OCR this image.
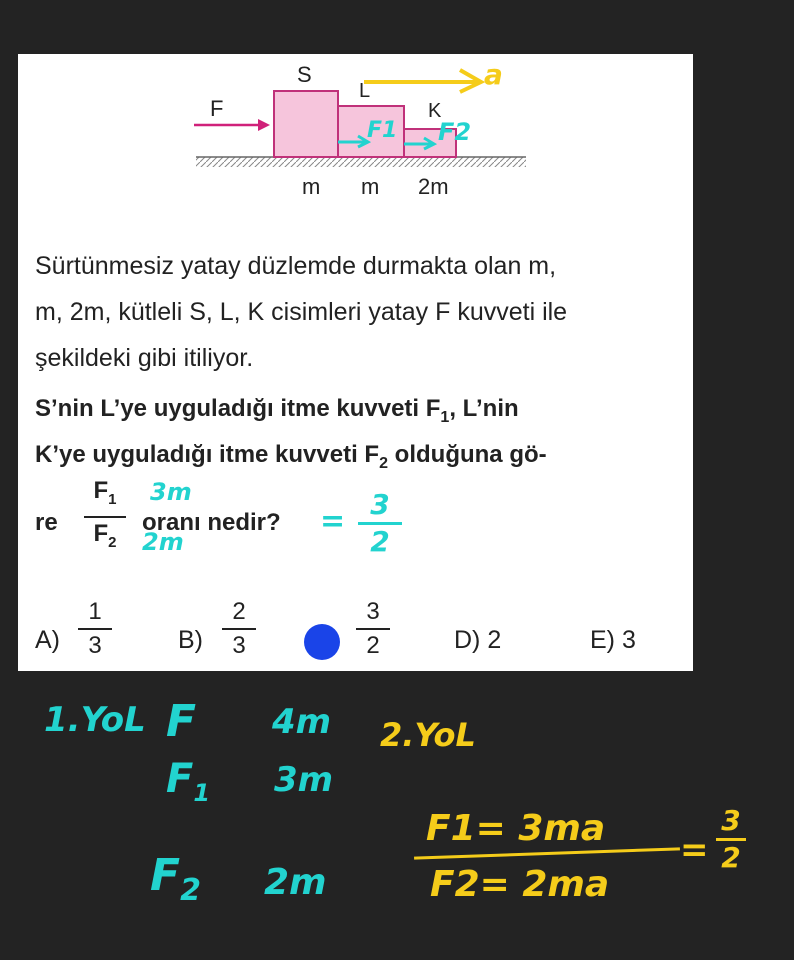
F
S
L
K
m m 2m
a
F1 F2
Sürtünmesiz yatay düzlemde durmakta olan m,
m, 2m, kütleli S, L, K cisimleri yatay F kuvveti ile
şekildeki gibi itiliyor.
S’nin L’ye uyguladığı itme kuvveti $F_1$, L’nin
K’ye uyguladığı itme kuvveti $F_2$ olduğuna gö-
re
$F_1$
$F_2$
oranı nedir?
3m
2m
= 3
2
A)
1
3	B)
2
3
3
2	D) 2	E) 3
1.YoL F 4m
$F_1$ 3m
$F_2$ 2m
2.YoL
F1= 3ma
F2= 2ma
=
3
2
